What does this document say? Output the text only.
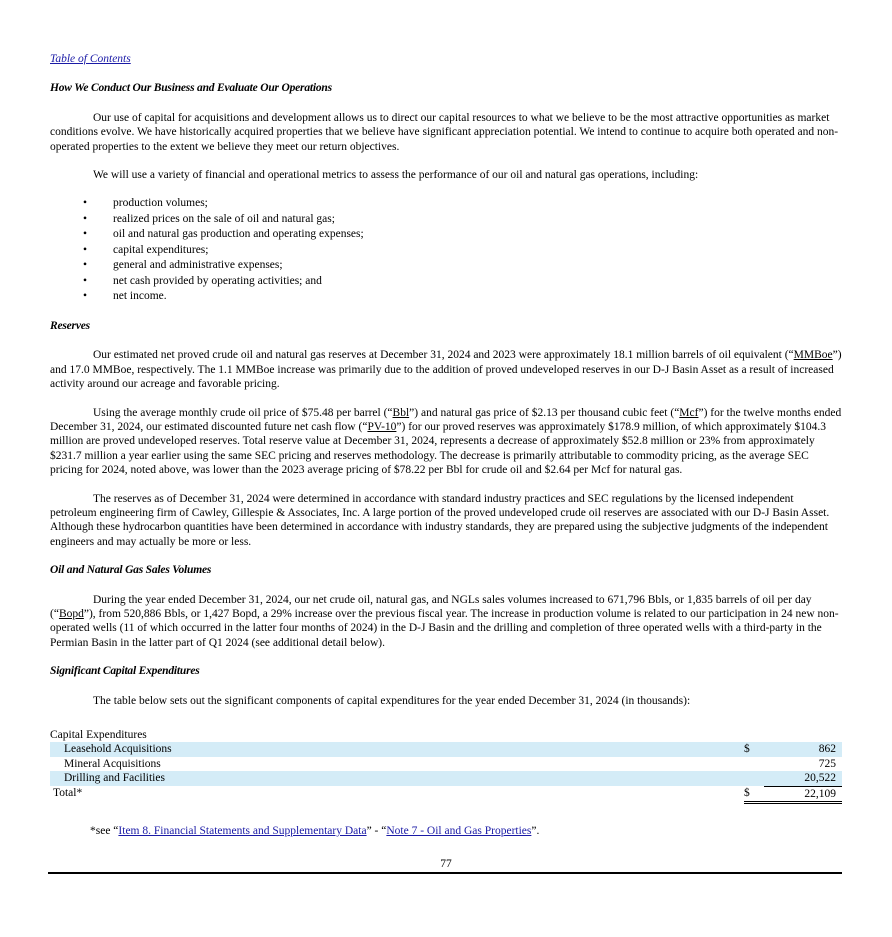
Table of Contents
How We Conduct Our Business and Evaluate Our Operations

Our use of capital for acquisitions and development allows us to direct our capital resources to what we believe to be the most attractive opportunities as market conditions evolve. We have historically acquired properties that we believe have significant appreciation potential. We intend to continue to acquire both operated and non-operated properties to the extent we believe they meet our return objectives.

We will use a variety of financial and operational metrics to assess the performance of our oil and natural gas operations, including:

• production volumes;
• realized prices on the sale of oil and natural gas;
• oil and natural gas production and operating expenses;
• capital expenditures;
• general and administrative expenses;
• net cash provided by operating activities; and
• net income.
Reserves

Our estimated net proved crude oil and natural gas reserves at December 31, 2024 and 2023 were approximately 18.1 million barrels of oil equivalent (“MMBoe”) and 17.0 MMBoe, respectively. The 1.1 MMBoe increase was primarily due to the addition of proved undeveloped reserves in our D-J Basin Asset as a result of increased activity around our acreage and favorable pricing.

Using the average monthly crude oil price of $75.48 per barrel (“Bbl”) and natural gas price of $2.13 per thousand cubic feet (“Mcf”) for the twelve months ended December 31, 2024, our estimated discounted future net cash flow (“PV-10”) for our proved reserves was approximately $178.9 million, of which approximately $104.3 million are proved undeveloped reserves. Total reserve value at December 31, 2024, represents a decrease of approximately $52.8 million or 23% from approximately $231.7 million a year earlier using the same SEC pricing and reserves methodology. The decrease is primarily attributable to commodity pricing, as the average SEC pricing for 2024, noted above, was lower than the 2023 average pricing of $78.22 per Bbl for crude oil and $2.64 per Mcf for natural gas.

The reserves as of December 31, 2024 were determined in accordance with standard industry practices and SEC regulations by the licensed independent petroleum engineering firm of Cawley, Gillespie & Associates, Inc. A large portion of the proved undeveloped crude oil reserves are associated with our D-J Basin Asset. Although these hydrocarbon quantities have been determined in accordance with industry standards, they are prepared using the subjective judgments of the independent engineers and may actually be more or less.

Oil and Natural Gas Sales Volumes

During the year ended December 31, 2024, our net crude oil, natural gas, and NGLs sales volumes increased to 671,796 Bbls, or 1,835 barrels of oil per day (“Bopd”), from 520,886 Bbls, or 1,427 Bopd, a 29% increase over the previous fiscal year. The increase in production volume is related to our participation in 24 new non-operated wells (11 of which occurred in the latter four months of 2024) in the D-J Basin and the drilling and completion of three operated wells with a third-party in the Permian Basin in the latter part of Q1 2024 (see additional detail below).

Significant Capital Expenditures

The table below sets out the significant components of capital expenditures for the year ended December 31, 2024 (in thousands):

Capital Expenditures		
Leasehold Acquisitions	$	862
Mineral Acquisitions		725
Drilling and Facilities		20,522
Total*	$	22,109
*see “Item 8. Financial Statements and Supplementary Data” - “Note 7 - Oil and Gas Properties”.
77
